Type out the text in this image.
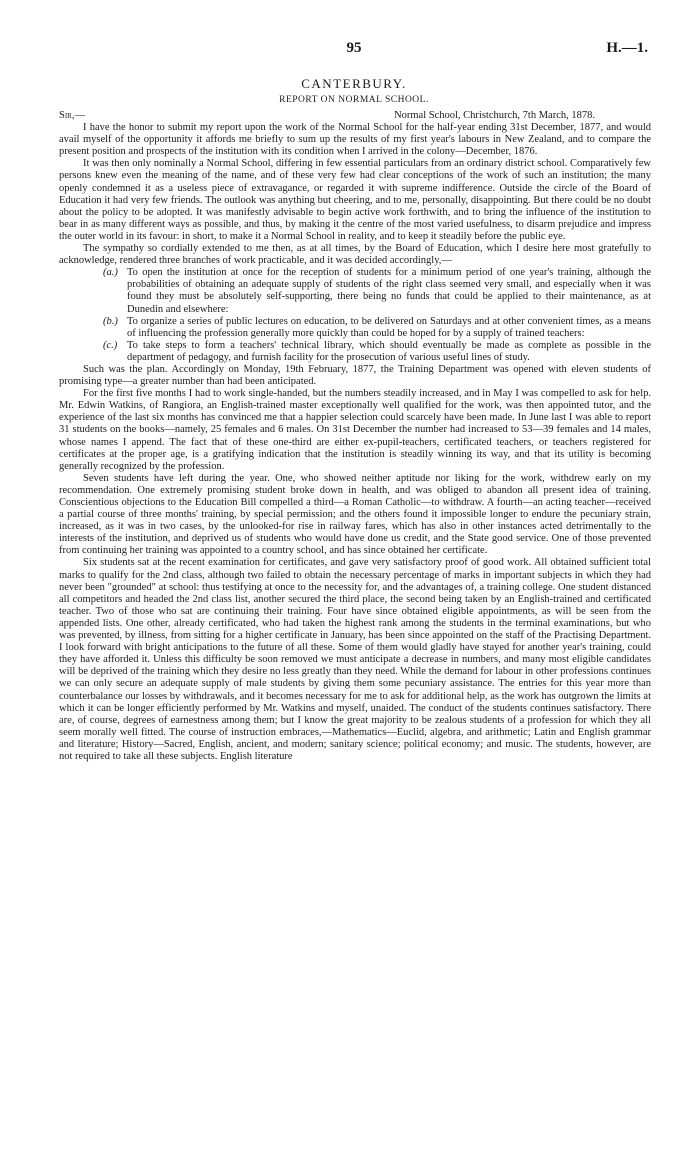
95	H.—1.
CANTERBURY.
REPORT ON NORMAL SCHOOL.
Sir,—	Normal School, Christchurch, 7th March, 1878.

I have the honor to submit my report upon the work of the Normal School for the half-year ending 31st December, 1877, and would avail myself of the opportunity it affords me briefly to sum up the results of my first year's labours in New Zealand, and to compare the present position and prospects of the institution with its condition when I arrived in the colony—December, 1876.

It was then only nominally a Normal School, differing in few essential particulars from an ordinary district school. Comparatively few persons knew even the meaning of the name, and of these very few had clear conceptions of the work of such an institution; the many openly condemned it as a useless piece of extravagance, or regarded it with supreme indifference. Outside the circle of the Board of Education it had very few friends. The outlook was anything but cheering, and to me, personally, disappointing. But there could be no doubt about the policy to be adopted. It was manifestly advisable to begin active work forthwith, and to bring the influence of the institution to bear in as many different ways as possible, and thus, by making it the centre of the most varied usefulness, to disarm prejudice and impress the outer world in its favour: in short, to make it a Normal School in reality, and to keep it steadily before the public eye.

The sympathy so cordially extended to me then, as at all times, by the Board of Education, which I desire here most gratefully to acknowledge, rendered three branches of work practicable, and it was decided accordingly,—

(a.) To open the institution at once for the reception of students for a minimum period of one year's training, although the probabilities of obtaining an adequate supply of students of the right class seemed very small, and especially when it was found they must be absolutely self-supporting, there being no funds that could be applied to their maintenance, as at Dunedin and elsewhere:
(b.) To organize a series of public lectures on education, to be delivered on Saturdays and at other convenient times, as a means of influencing the profession generally more quickly than could be hoped for by a supply of trained teachers:
(c.) To take steps to form a teachers' technical library, which should eventually be made as complete as possible in the department of pedagogy, and furnish facility for the prosecution of various useful lines of study.

Such was the plan. Accordingly on Monday, 19th February, 1877, the Training Department was opened with eleven students of promising type—a greater number than had been anticipated.

For the first five months I had to work single-handed, but the numbers steadily increased, and in May I was compelled to ask for help. Mr. Edwin Watkins, of Rangiora, an English-trained master exceptionally well qualified for the work, was then appointed tutor, and the experience of the last six months has convinced me that a happier selection could scarcely have been made. In June last I was able to report 31 students on the books—namely, 25 females and 6 males. On 31st December the number had increased to 53—39 females and 14 males, whose names I append. The fact that of these one-third are either ex-pupil-teachers, certificated teachers, or teachers registered for certificates at the proper age, is a gratifying indication that the institution is steadily winning its way, and that its utility is becoming generally recognized by the profession.

Seven students have left during the year. One, who showed neither aptitude nor liking for the work, withdrew early on my recommendation. One extremely promising student broke down in health, and was obliged to abandon all present idea of training. Conscientious objections to the Education Bill compelled a third—a Roman Catholic—to withdraw. A fourth—an acting teacher—received a partial course of three months' training, by special permission; and the others found it impossible longer to endure the pecuniary strain, increased, as it was in two cases, by the unlooked-for rise in railway fares, which has also in other instances acted detrimentally to the interests of the institution, and deprived us of students who would have done us credit, and the State good service. One of those prevented from continuing her training was appointed to a country school, and has since obtained her certificate.

Six students sat at the recent examination for certificates, and gave very satisfactory proof of good work. All obtained sufficient total marks to qualify for the 2nd class, although two failed to obtain the necessary percentage of marks in important subjects in which they had never been "grounded" at school: thus testifying at once to the necessity for, and the advantages of, a training college. One student distanced all competitors and headed the 2nd class list, another secured the third place, the second being taken by an English-trained and certificated teacher. Two of those who sat are continuing their training. Four have since obtained eligible appointments, as will be seen from the appended lists. One other, already certificated, who had taken the highest rank among the students in the terminal examinations, but who was prevented, by illness, from sitting for a higher certificate in January, has been since appointed on the staff of the Practising Department. I look forward with bright anticipations to the future of all these. Some of them would gladly have stayed for another year's training, could they have afforded it. Unless this difficulty be soon removed we must anticipate a decrease in numbers, and many most eligible candidates will be deprived of the training which they desire no less greatly than they need. While the demand for labour in other professions continues we can only secure an adequate supply of male students by giving them some pecuniary assistance. The entries for this year more than counterbalance our losses by withdrawals, and it becomes necessary for me to ask for additional help, as the work has outgrown the limits at which it can be longer efficiently performed by Mr. Watkins and myself, unaided. The conduct of the students continues satisfactory. There are, of course, degrees of earnestness among them; but I know the great majority to be zealous students of a profession for which they all seem morally well fitted. The course of instruction embraces,—Mathematics—Euclid, algebra, and arithmetic; Latin and English grammar and literature; History—Sacred, English, ancient, and modern; sanitary science; political economy; and music. The students, however, are not required to take all these subjects. English literature
